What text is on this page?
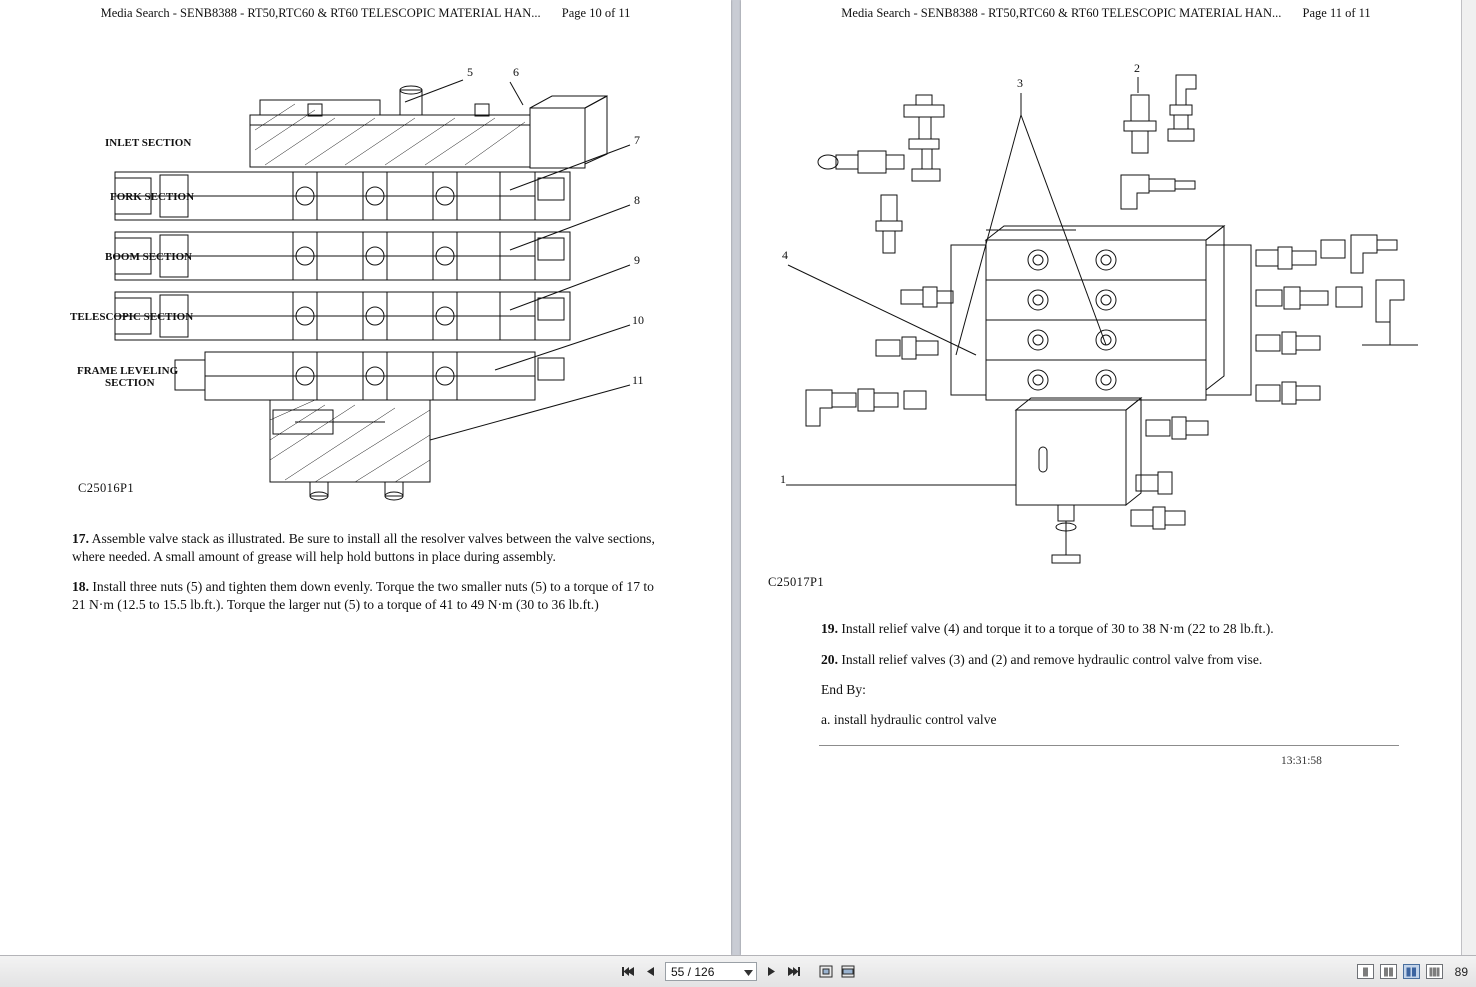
Media Search - SENB8388 - RT50,RTC60 & RT60 TELESCOPIC MATERIAL HAN... Page 10 of 11
5	6
7
8
9
10
11
INLET SECTION
FORK SECTION
BOOM SECTION
TELESCOPIC SECTION
FRAME LEVELING
SECTION
C25016P1
17. Assemble valve stack as illustrated. Be sure to install all the resolver valves between the valve sections, where needed. A small amount of grease will help hold buttons in place during assembly.
18. Install three nuts (5) and tighten them down evenly. Torque the two smaller nuts (5) to a torque of 17 to 21 N·m (12.5 to 15.5 lb.ft.). Torque the larger nut (5) to a torque of 41 to 49 N·m (30 to 36 lb.ft.)
Media Search - SENB8388 - RT50,RTC60 & RT60 TELESCOPIC MATERIAL HAN... Page 11 of 11
3
2
4
1
C25017P1
19. Install relief valve (4) and torque it to a torque of 30 to 38 N·m (22 to 28 lb.ft.).
20. Install relief valves (3) and (2) and remove hydraulic control valve from vise.
End By:
a. install hydraulic control valve
13:31:58
55 / 126
89
